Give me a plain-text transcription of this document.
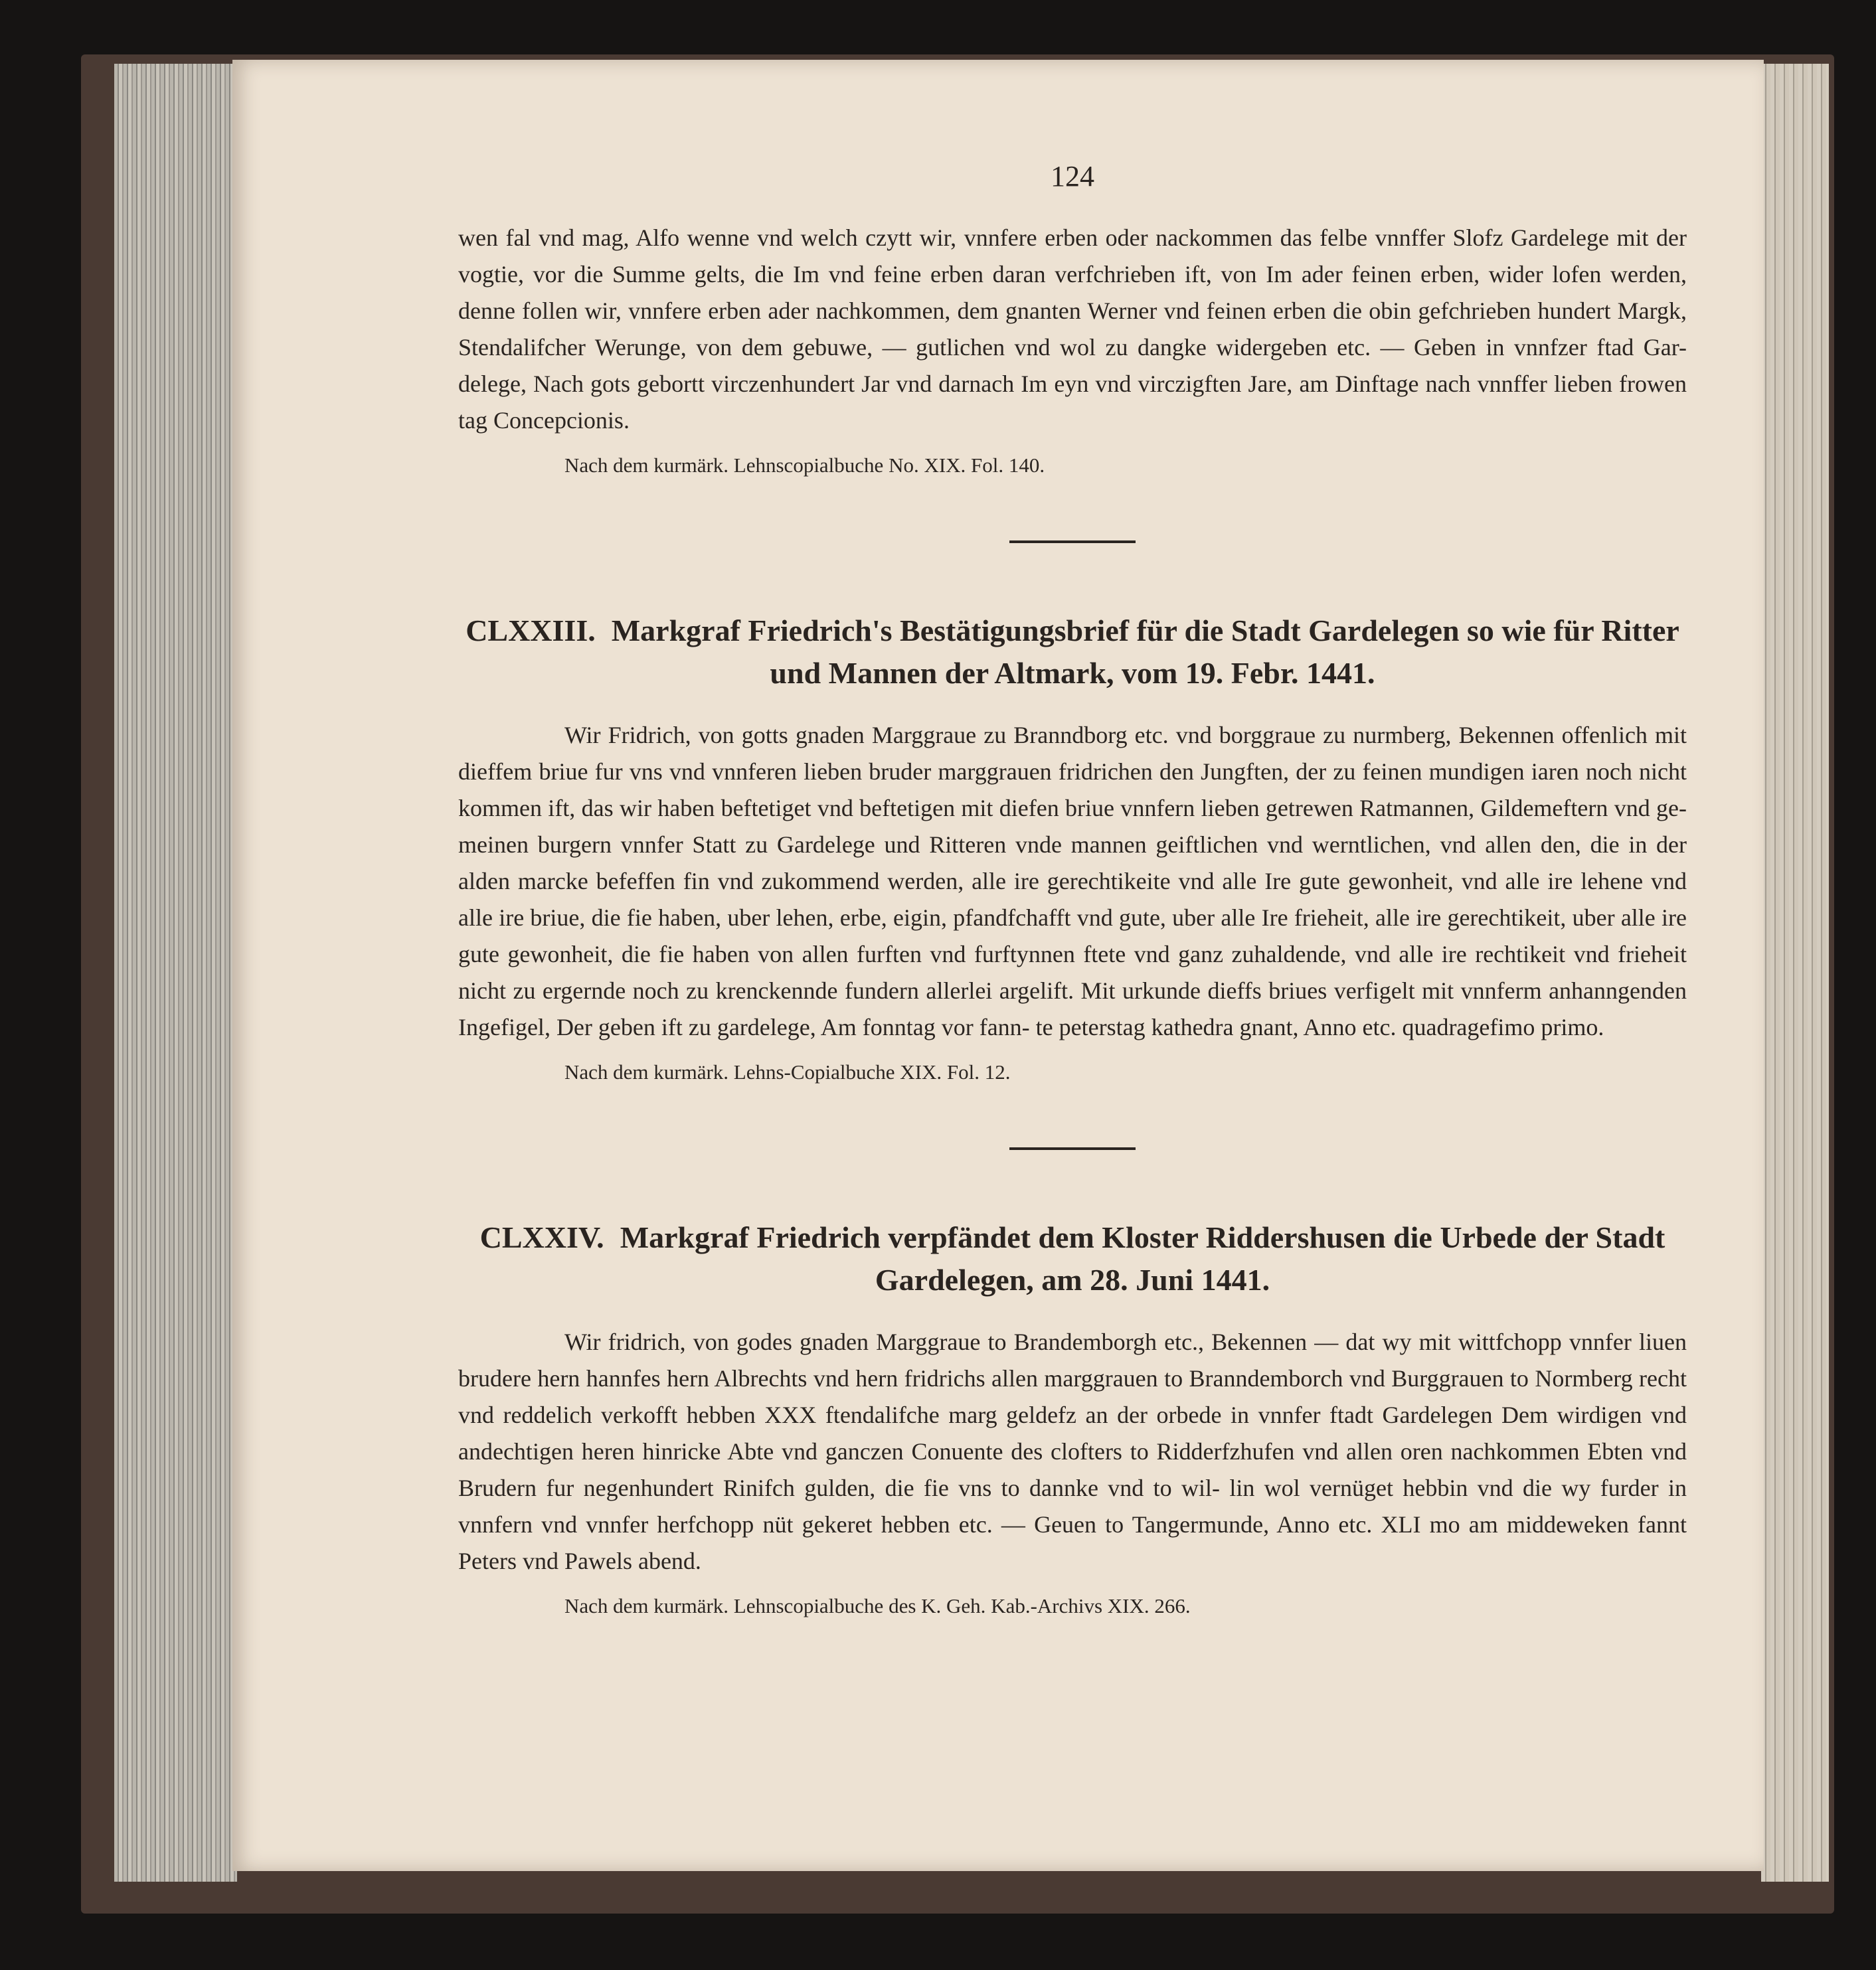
124
wen fal vnd mag, Alfo wenne vnd welch czytt wir, vnnfere erben oder nackommen das felbe vnnffer Slofz Gardelege mit der vogtie, vor die Summe gelts, die Im vnd feine erben daran verfchrieben ift, von Im ader feinen erben, wider lofen werden, denne follen wir, vnnfere erben ader nachkommen, dem gnanten Werner vnd feinen erben die obin gefchrieben hundert Margk, Stendalifcher Werunge, von dem gebuwe, — gutlichen vnd wol zu dangke widergeben etc. — Geben in vnnfzer ftad Gar- delege, Nach gots gebortt virczenhundert Jar vnd darnach Im eyn vnd virczigften Jare, am Dinftage nach vnnffer lieben frowen tag Concepcionis.
Nach dem kurmärk. Lehnscopialbuche No. XIX. Fol. 140.
CLXXIII. Markgraf Friedrich's Bestätigungsbrief für die Stadt Gardelegen so wie für Ritter
und Mannen der Altmark, vom 19. Febr. 1441.
Wir Fridrich, von gotts gnaden Marggraue zu Branndborg etc. vnd borggraue zu nurmberg, Bekennen offenlich mit dieffem briue fur vns vnd vnnferen lieben bruder marggrauen fridrichen den Jungften, der zu feinen mundigen iaren noch nicht kommen ift, das wir haben beftetiget vnd beftetigen mit diefen briue vnnfern lieben getrewen Ratmannen, Gildemeftern vnd ge- meinen burgern vnnfer Statt zu Gardelege und Ritteren vnde mannen geiftlichen vnd werntlichen, vnd allen den, die in der alden marcke befeffen fin vnd zukommend werden, alle ire gerechtikeite vnd alle Ire gute gewonheit, vnd alle ire lehene vnd alle ire briue, die fie haben, uber lehen, erbe, eigin, pfandfchafft vnd gute, uber alle Ire frieheit, alle ire gerechtikeit, uber alle ire gute gewonheit, die fie haben von allen furften vnd furftynnen ftete vnd ganz zuhaldende, vnd alle ire rechtikeit vnd frieheit nicht zu ergernde noch zu krenckennde fundern allerlei argelift. Mit urkunde dieffs briues verfigelt mit vnnferm anhanngenden Ingefigel, Der geben ift zu gardelege, Am fonntag vor fann- te peterstag kathedra gnant, Anno etc. quadragefimo primo.
Nach dem kurmärk. Lehns-Copialbuche XIX. Fol. 12.
CLXXIV. Markgraf Friedrich verpfändet dem Kloster Riddershusen die Urbede der Stadt
Gardelegen, am 28. Juni 1441.
Wir fridrich, von godes gnaden Marggraue to Brandemborgh etc., Bekennen — dat wy mit wittfchopp vnnfer liuen brudere hern hannfes hern Albrechts vnd hern fridrichs allen marggrauen to Branndemborch vnd Burggrauen to Normberg recht vnd reddelich verkofft hebben XXX ftendalifche marg geldefz an der orbede in vnnfer ftadt Gardelegen Dem wirdigen vnd andechtigen heren hinricke Abte vnd ganczen Conuente des clofters to Ridderfzhufen vnd allen oren nachkommen Ebten vnd Brudern fur negenhundert Rinifch gulden, die fie vns to dannke vnd to wil- lin wol vernüget hebbin vnd die wy furder in vnnfern vnd vnnfer herfchopp nüt gekeret hebben etc. — Geuen to Tangermunde, Anno etc. XLI mo am middeweken fannt Peters vnd Pawels abend.
Nach dem kurmärk. Lehnscopialbuche des K. Geh. Kab.-Archivs XIX. 266.
